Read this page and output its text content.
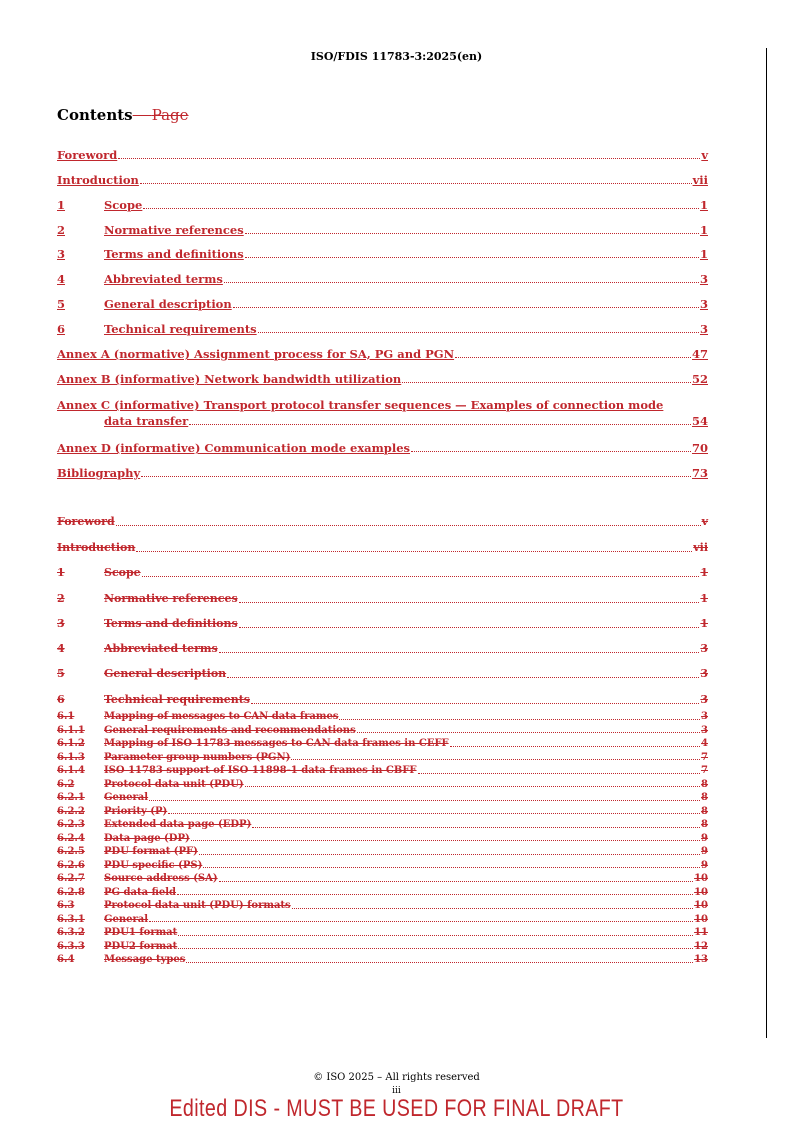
ISO/FDIS 11783-3:2025(en)
Contents Page
Foreword	v
Introduction	vii
1	Scope	1
2	Normative references	1
3	Terms and definitions	1
4	Abbreviated terms	3
5	General description	3
6	Technical requirements	3
Annex A (normative) Assignment process for SA, PG and PGN	47
Annex B (informative) Network bandwidth utilization	52
Annex C (informative) Transport protocol transfer sequences — Examples of connection mode
data transfer	54
Annex D (informative) Communication mode examples	70
Bibliography	73
Foreword	v
Introduction	vii
1	Scope	1
2	Normative references	1
3	Terms and definitions	1
4	Abbreviated terms	3
5	General description	3
6	Technical requirements	3
6.1	Mapping of messages to CAN data frames	3
6.1.1	General requirements and recommendations	3
6.1.2	Mapping of ISO 11783 messages to CAN data frames in CEFF	4
6.1.3	Parameter group numbers (PGN)	7
6.1.4	ISO 11783 support of ISO 11898-1 data frames in CBFF	7
6.2	Protocol data unit (PDU)	8
6.2.1	General	8
6.2.2	Priority (P)	8
6.2.3	Extended data page (EDP)	8
6.2.4	Data page (DP)	9
6.2.5	PDU format (PF)	9
6.2.6	PDU specific (PS)	9
6.2.7	Source address (SA)	10
6.2.8	PG data field	10
6.3	Protocol data unit (PDU) formats	10
6.3.1	General	10
6.3.2	PDU1 format	11
6.3.3	PDU2 format	12
6.4	Message types	13
© ISO 2025 – All rights reserved
iii
Edited DIS - MUST BE USED FOR FINAL DRAFT
